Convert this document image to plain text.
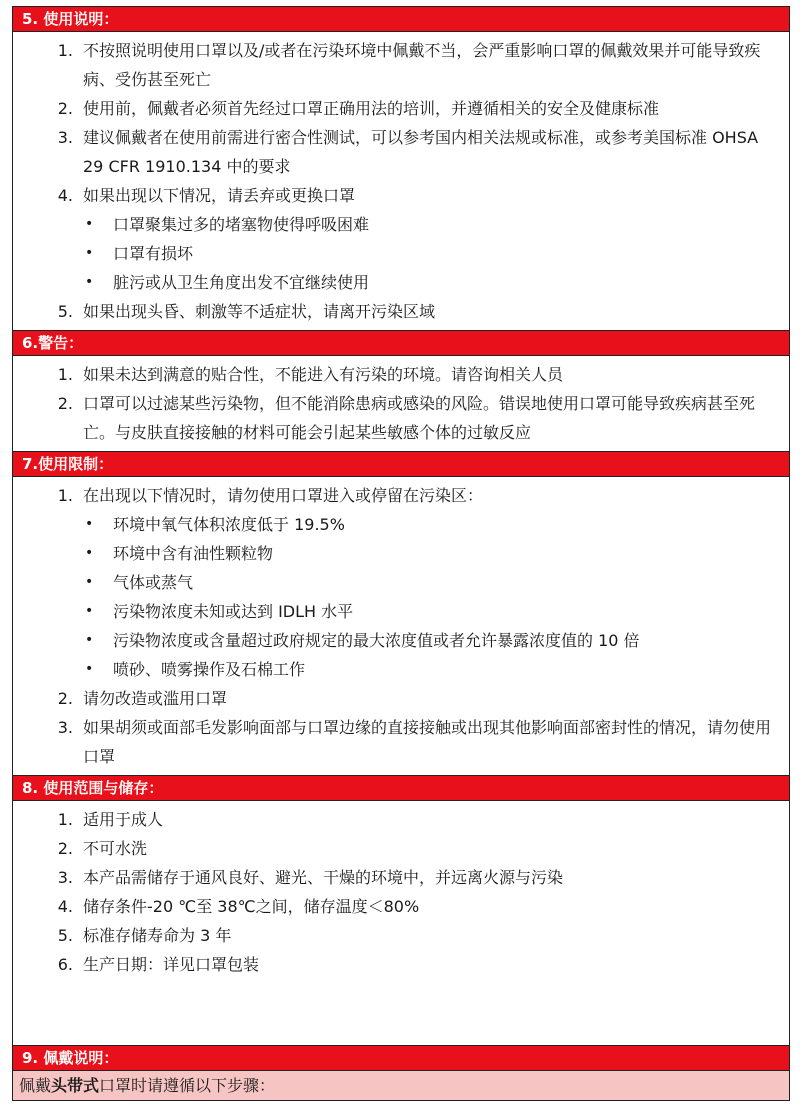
5. 使用说明：
1. 不按照说明使用口罩以及/或者在污染环境中佩戴不当，会严重影响口罩的佩戴效果并可能导致疾病、受伤甚至死亡
2. 使用前，佩戴者必须首先经过口罩正确用法的培训，并遵循相关的安全及健康标准
3. 建议佩戴者在使用前需进行密合性测试，可以参考国内相关法规或标准，或参考美国标准 OHSA 29 CFR 1910.134 中的要求
4. 如果出现以下情况，请丢弃或更换口罩
•	口罩聚集过多的堵塞物使得呼吸困难
•	口罩有损坏
•	脏污或从卫生角度出发不宜继续使用
5. 如果出现头昏、刺激等不适症状，请离开污染区域
6.警告：
1. 如果未达到满意的贴合性，不能进入有污染的环境。请咨询相关人员
2. 口罩可以过滤某些污染物，但不能消除患病或感染的风险。错误地使用口罩可能导致疾病甚至死亡。与皮肤直接接触的材料可能会引起某些敏感个体的过敏反应
7.使用限制：
1. 在出现以下情况时，请勿使用口罩进入或停留在污染区：
•	环境中氧气体积浓度低于 19.5%
•	环境中含有油性颗粒物
•	气体或蒸气
•	污染物浓度未知或达到 IDLH 水平
•	污染物浓度或含量超过政府规定的最大浓度值或者允许暴露浓度值的 10 倍
•	喷砂、喷雾操作及石棉工作
2. 请勿改造或滥用口罩
3. 如果胡须或面部毛发影响面部与口罩边缘的直接接触或出现其他影响面部密封性的情况，请勿使用口罩
8. 使用范围与储存：
1. 适用于成人
2. 不可水洗
3. 本产品需储存于通风良好、避光、干燥的环境中，并远离火源与污染
4. 储存条件-20 ℃至 38℃之间，储存温度＜80%
5. 标准存储寿命为 3 年
6. 生产日期：详见口罩包装
9. 佩戴说明：
佩戴头带式口罩时请遵循以下步骤：
